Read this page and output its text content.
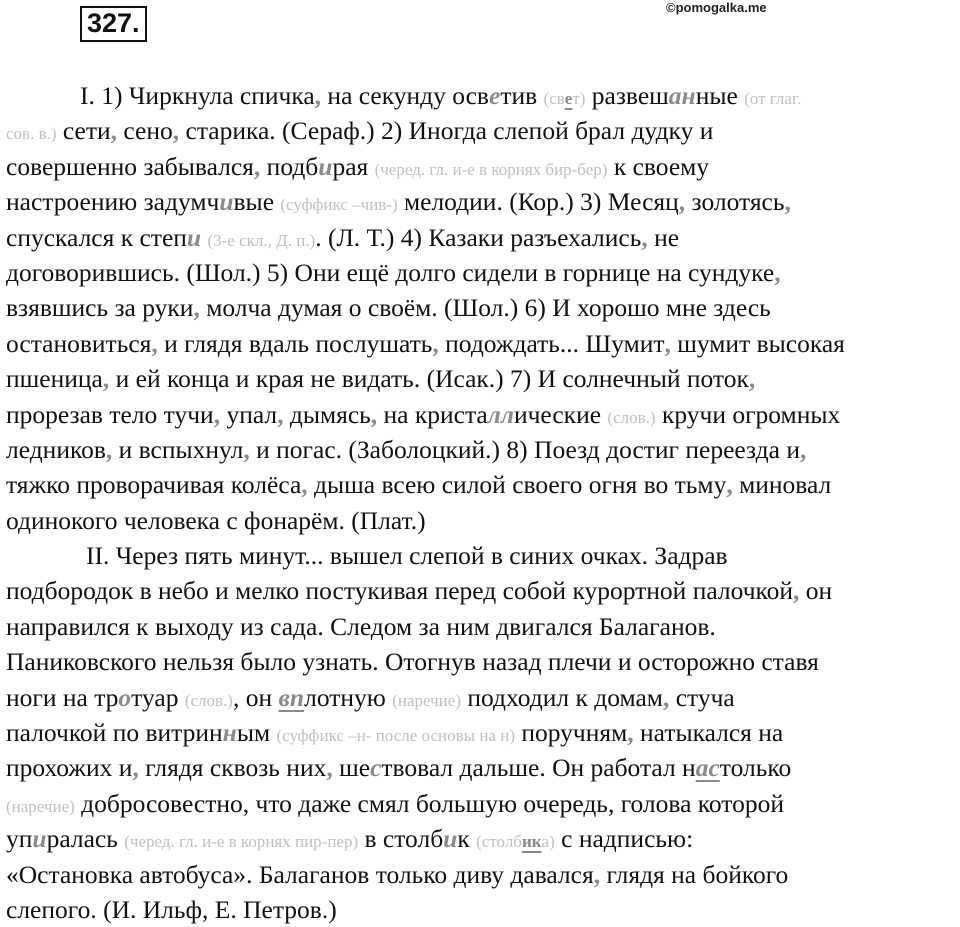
327.
©pomogalka.me
I. 1) Чиркнула спичка, на секунду осветив (свет) развешанные (от глаг.
сов. в.) сети, сено, старика. (Сераф.) 2) Иногда слепой брал дудку и
совершенно забывался, подбирая (черед. гл. и-е в корнях бир-бер) к своему
настроению задумчивые (суффикс –чив-) мелодии. (Кор.) 3) Месяц, золотясь,
спускался к степи (3-е скл., Д. п.). (Л. Т.) 4) Казаки разъехались, не
договорившись. (Шол.) 5) Они ещё долго сидели в горнице на сундуке,
взявшись за руки, молча думая о своём. (Шол.) 6) И хорошо мне здесь
остановиться, и глядя вдаль послушать, подождать... Шумит, шумит высокая
пшеница, и ей конца и края не видать. (Исак.) 7) И солнечный поток,
прорезав тело тучи, упал, дымясь, на кристаллические (слов.) кручи огромных
ледников, и вспыхнул, и погас. (Заболоцкий.) 8) Поезд достиг переезда и,
тяжко проворачивая колёса, дыша всею силой своего огня во тьму, миновал
одинокого человека с фонарём. (Плат.)
II. Через пять минут... вышел слепой в синих очках. Задрав
подбородок в небо и мелко постукивая перед собой курортной палочкой, он
направился к выходу из сада. Следом за ним двигался Балаганов.
Паниковского нельзя было узнать. Отогнув назад плечи и осторожно ставя
ноги на тротуар (слов.), он вплотную (наречие) подходил к домам, стуча
палочкой по витринным (суффикс –н- после основы на н) поручням, натыкался на
прохожих и, глядя сквозь них, шествовал дальше. Он работал настолько
(наречие) добросовестно, что даже смял большую очередь, голова которой
упиралась (черед. гл. и-е в корнях пир-пер) в столбик (столбика) с надписью:
«Остановка автобуса». Балаганов только диву давался, глядя на бойкого
слепого. (И. Ильф, Е. Петров.)
